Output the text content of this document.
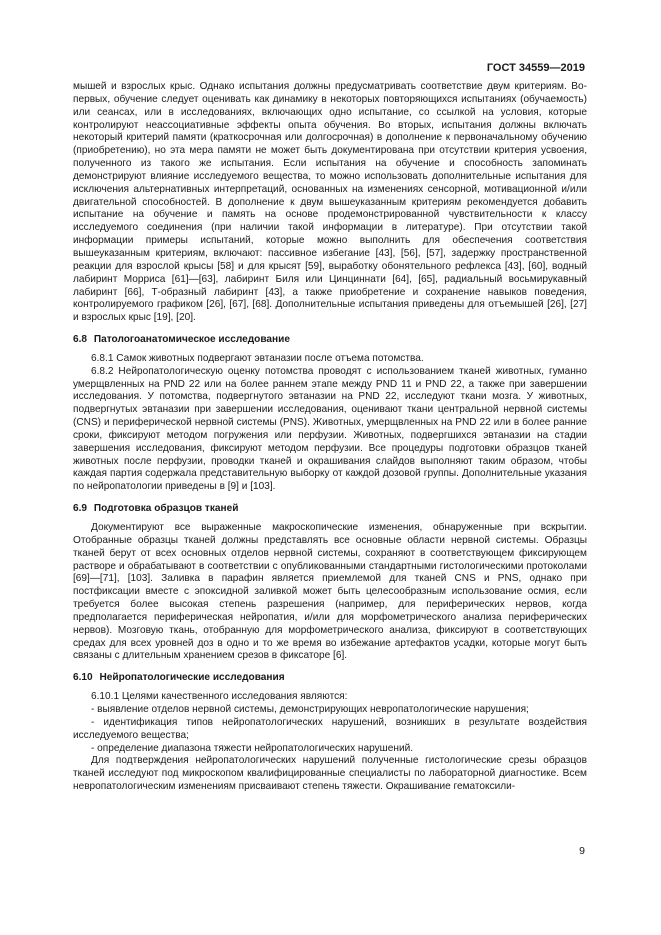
ГОСТ 34559—2019

мышей и взрослых крыс. Однако испытания должны предусматривать соответствие двум критериям. Во-первых, обучение следует оценивать как динамику в некоторых повторяющихся испытаниях (обучаемость) или сеансах, или в исследованиях, включающих одно испытание, со ссылкой на условия, которые контролируют неассоциативные эффекты опыта обучения. Во вторых, испытания должны включать некоторый критерий памяти (краткосрочная или долгосрочная) в дополнение к первоначальному обучению (приобретению), но эта мера памяти не может быть документирована при отсутствии критерия усвоения, полученного из такого же испытания. Если испытания на обучение и способность запоминать демонстрируют влияние исследуемого вещества, то можно использовать дополнительные испытания для исключения альтернативных интерпретаций, основанных на изменениях сенсорной, мотивационной и/или двигательной способностей. В дополнение к двум вышеуказанным критериям рекомендуется добавить испытание на обучение и память на основе продемонстрированной чувствительности к классу исследуемого соединения (при наличии такой информации в литературе). При отсутствии такой информации примеры испытаний, которые можно выполнить для обеспечения соответствия вышеуказанным критериям, включают: пассивное избегание [43], [56], [57], задержку пространственной реакции для взрослой крысы [58] и для крысят [59], выработку обонятельного рефлекса [43], [60], водный лабиринт Морриса [61]—[63], лабиринт Биля или Цинциннати [64], [65], радиальный восьмирукавный лабиринт [66], Т-образный лабиринт [43], а также приобретение и сохранение навыков поведения, контролируемого графиком [26], [67], [68]. Дополнительные испытания приведены для отъемышей [26], [27] и взрослых крыс [19], [20].

6.8 Патологоанатомическое исследование

6.8.1 Самок животных подвергают эвтаназии после отъема потомства.

6.8.2 Нейропатологическую оценку потомства проводят с использованием тканей животных, гуманно умерщвленных на PND 22 или на более раннем этапе между PND 11 и PND 22, а также при завершении исследования. У потомства, подвергнутого эвтаназии на PND 22, исследуют ткани мозга. У животных, подвергнутых эвтаназии при завершении исследования, оценивают ткани центральной нервной системы (CNS) и периферической нервной системы (PNS). Животных, умерщвленных на PND 22 или в более ранние сроки, фиксируют методом погружения или перфузии. Животных, подвергшихся эвтаназии на стадии завершения исследования, фиксируют методом перфузии. Все процедуры подготовки образцов тканей животных после перфузии, проводки тканей и окрашивания слайдов выполняют таким образом, чтобы каждая партия содержала представительную выборку от каждой дозовой группы. Дополнительные указания по нейропатологии приведены в [9] и [103].

6.9 Подготовка образцов тканей

Документируют все выраженные макроскопические изменения, обнаруженные при вскрытии. Отобранные образцы тканей должны представлять все основные области нервной системы. Образцы тканей берут от всех основных отделов нервной системы, сохраняют в соответствующем фиксирующем растворе и обрабатывают в соответствии с опубликованными стандартными гистологическими протоколами [69]—[71], [103]. Заливка в парафин является приемлемой для тканей CNS и PNS, однако при постфиксации вместе с эпоксидной заливкой может быть целесообразным использование осмия, если требуется более высокая степень разрешения (например, для периферических нервов, когда предполагается периферическая нейропатия, и/или для морфометрического анализа периферических нервов). Мозговую ткань, отобранную для морфометрического анализа, фиксируют в соответствующих средах для всех уровней доз в одно и то же время во избежание артефактов усадки, которые могут быть связаны с длительным хранением срезов в фиксаторе [6].

6.10 Нейропатологические исследования

6.10.1 Целями качественного исследования являются:

- выявление отделов нервной системы, демонстрирующих невропатологические нарушения;

- идентификация типов нейропатологических нарушений, возникших в результате воздействия исследуемого вещества;

- определение диапазона тяжести нейропатологических нарушений.

Для подтверждения нейропатологических нарушений полученные гистологические срезы образцов тканей исследуют под микроскопом квалифицированные специалисты по лабораторной диагностике. Всем невропатологическим изменениям присваивают степень тяжести. Окрашивание гематоксили-

9
